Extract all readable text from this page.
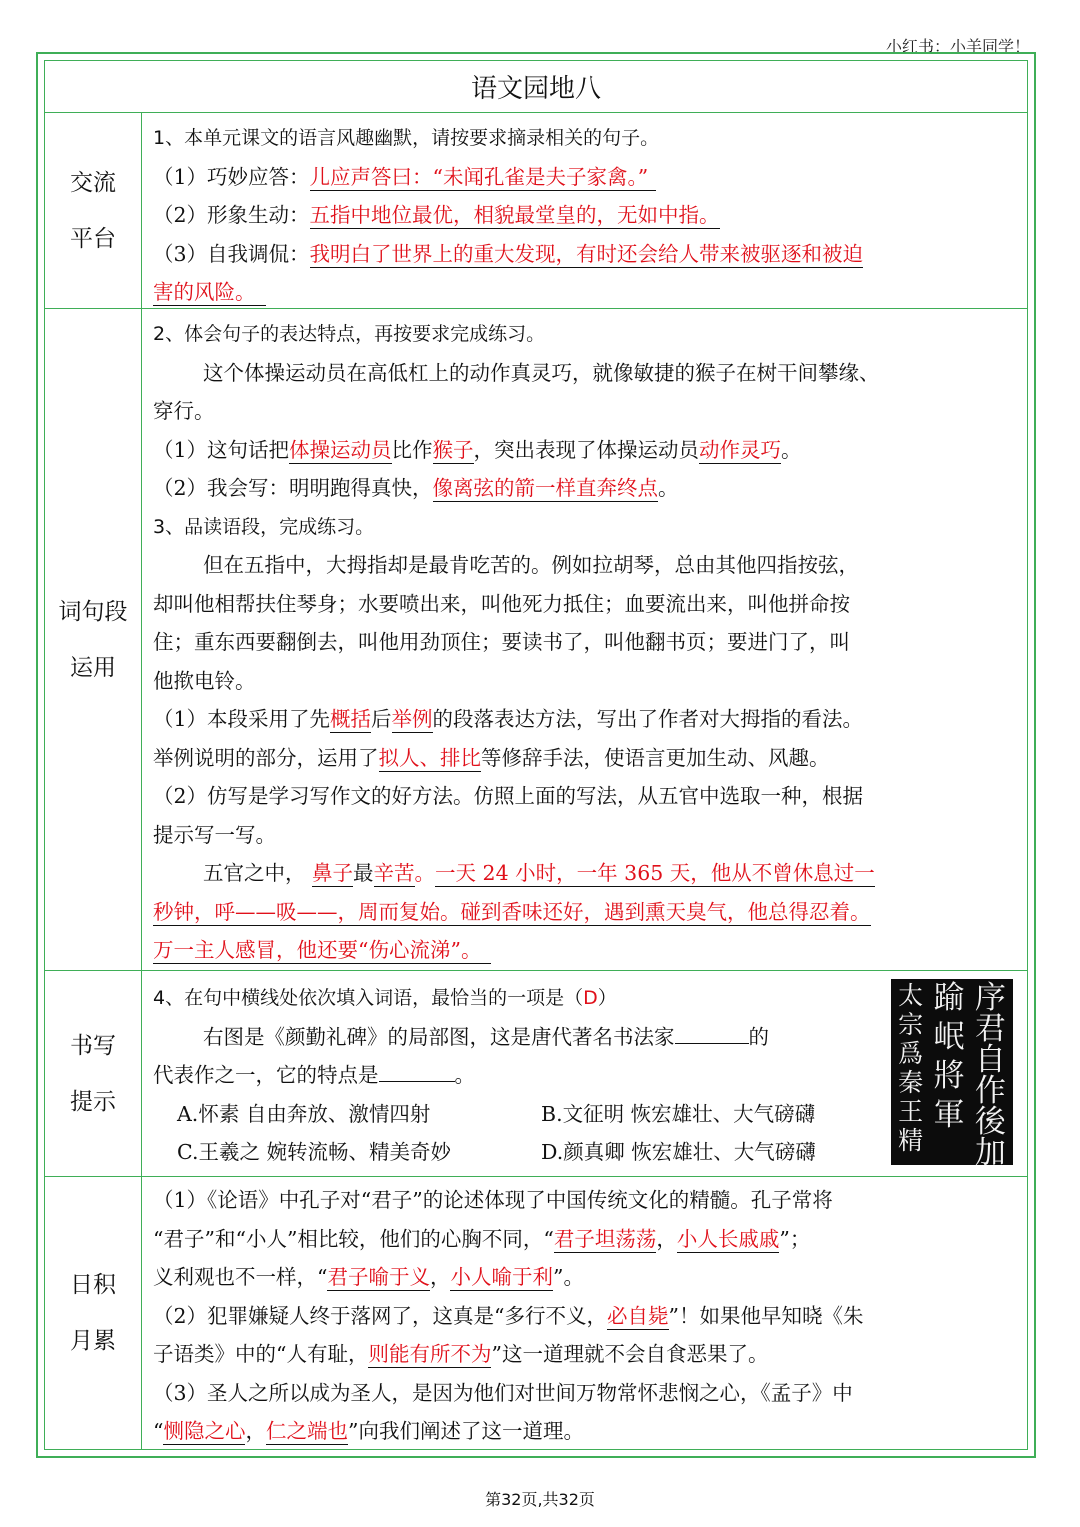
小红书：小羊同学！
语文园地八
交流
平台

1、本单元课文的语言风趣幽默，请按要求摘录相关的句子。

（1）巧妙应答：儿应声答曰：“未闻孔雀是夫子家禽。”

（2）形象生动：五指中地位最优，相貌最堂皇的，无如中指。

（3）自我调侃：我明白了世界上的重大发现，有时还会给人带来被驱逐和被迫

害的风险。

词句段
运用

2、体会句子的表达特点，再按要求完成练习。

这个体操运动员在高低杠上的动作真灵巧，就像敏捷的猴子在树干间攀缘、

穿行。

（1）这句话把体操运动员比作猴子，突出表现了体操运动员动作灵巧。

（2）我会写：明明跑得真快，像离弦的箭一样直奔终点。

3、品读语段，完成练习。

但在五指中，大拇指却是最肯吃苦的。例如拉胡琴，总由其他四指按弦，

却叫他相帮扶住琴身；水要喷出来，叫他死力抵住；血要流出来，叫他拼命按

住；重东西要翻倒去，叫他用劲顶住；要读书了，叫他翻书页；要进门了，叫

他揿电铃。

（1）本段采用了先概括后举例的段落表达方法，写出了作者对大拇指的看法。

举例说明的部分，运用了拟人、排比等修辞手法，使语言更加生动、风趣。

（2）仿写是学习写作文的好方法。仿照上面的写法，从五官中选取一种，根据

提示写一写。

五官之中， 鼻子最辛苦。一天 24 小时，一年 365 天，他从不曾休息过一

秒钟，呼——吸——，周而复始。碰到香味还好，遇到熏天臭气，他总得忍着。

万一主人感冒，他还要“伤心流涕”。

书写
提示

4、在句中横线处依次填入词语，最恰当的一项是（D）

右图是《颜勤礼碑》的局部图，这是唐代著名书法家	的

代表作之一，它的特点是	。

A.怀素 自由奔放、激情四射	B.文征明 恢宏雄壮、大气磅礴

C.王羲之 婉转流畅、精美奇妙	D.颜真卿 恢宏雄壮、大气磅礴

序
君
自
作
後
加
踰
岷
將
軍
太
宗
爲
秦
王
精
日积
月累

（1）《论语》中孔子对“君子”的论述体现了中国传统文化的精髓。孔子常将

“君子”和“小人”相比较，他们的心胸不同，“君子坦荡荡，小人长戚戚”；

义利观也不一样，“君子喻于义，小人喻于利”。

（2）犯罪嫌疑人终于落网了，这真是“多行不义，必自毙”！如果他早知晓《朱

子语类》中的“人有耻，则能有所不为”这一道理就不会自食恶果了。

（3）圣人之所以成为圣人，是因为他们对世间万物常怀悲悯之心，《孟子》中

“恻隐之心，仁之端也”向我们阐述了这一道理。

第32页,共32页
